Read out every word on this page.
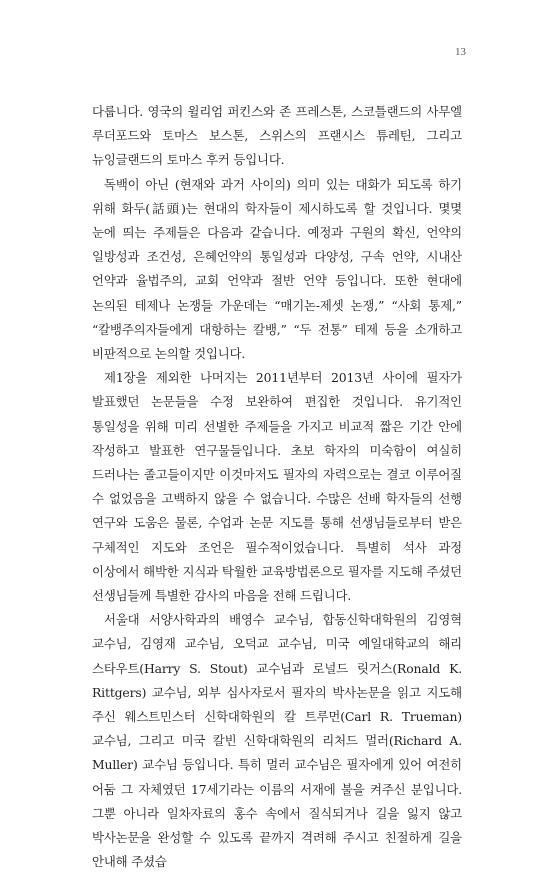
13

다룹니다. 영국의 윌리엄 퍼킨스와 존 프레스톤, 스코틀랜드의 사무엘 루더포드와 토마스 보스톤, 스위스의 프랜시스 튜레틴, 그리고 뉴잉글랜드의 토마스 후커 등입니다.

독백이 아닌 (현재와 과거 사이의) 의미 있는 대화가 되도록 하기 위해 화두(話頭)는 현대의 학자들이 제시하도록 할 것입니다. 몇몇 눈에 띄는 주제들은 다음과 같습니다. 예정과 구원의 확신, 언약의 일방성과 조건성, 은혜언약의 통일성과 다양성, 구속 언약, 시내산 언약과 율법주의, 교회 언약과 절반 언약 등입니다. 또한 현대에 논의된 테제나 논쟁들 가운데는 “매기논-제셋 논쟁,” “사회 통제,” “칼뱅주의자들에게 대항하는 칼뱅,” “두 전통” 테제 등을 소개하고 비판적으로 논의할 것입니다.

제1장을 제외한 나머지는 2011년부터 2013년 사이에 필자가 발표했던 논문들을 수정 보완하여 편집한 것입니다. 유기적인 통일성을 위해 미리 선별한 주제들을 가지고 비교적 짧은 기간 안에 작성하고 발표한 연구물들입니다. 초보 학자의 미숙함이 여실히 드러나는 졸고들이지만 이것마저도 필자의 자력으로는 결코 이루어질 수 없었음을 고백하지 않을 수 없습니다. 수많은 선배 학자들의 선행 연구와 도움은 물론, 수업과 논문 지도를 통해 선생님들로부터 받은 구체적인 지도와 조언은 필수적이었습니다. 특별히 석사 과정 이상에서 해박한 지식과 탁월한 교육방법론으로 필자를 지도해 주셨던 선생님들께 특별한 감사의 마음을 전해 드립니다.

서울대 서양사학과의 배영수 교수님, 합동신학대학원의 김영혁 교수님, 김영재 교수님, 오덕교 교수님, 미국 예일대학교의 해리 스타우트(Harry S. Stout) 교수님과 로널드 릿거스(Ronald K. Rittgers) 교수님, 외부 심사자로서 필자의 박사논문을 읽고 지도해 주신 웨스트민스터 신학대학원의 칼 트루먼(Carl R. Trueman) 교수님, 그리고 미국 칼빈 신학대학원의 리처드 멀러(Richard A. Muller) 교수님 등입니다. 특히 멀러 교수님은 필자에게 있어 여전히 어둠 그 자체였던 17세기라는 이름의 서재에 불을 켜주신 분입니다. 그뿐 아니라 일차자료의 홍수 속에서 질식되거나 길을 잃지 않고 박사논문을 완성할 수 있도록 끝까지 격려해 주시고 친절하게 길을 안내해 주셨습
